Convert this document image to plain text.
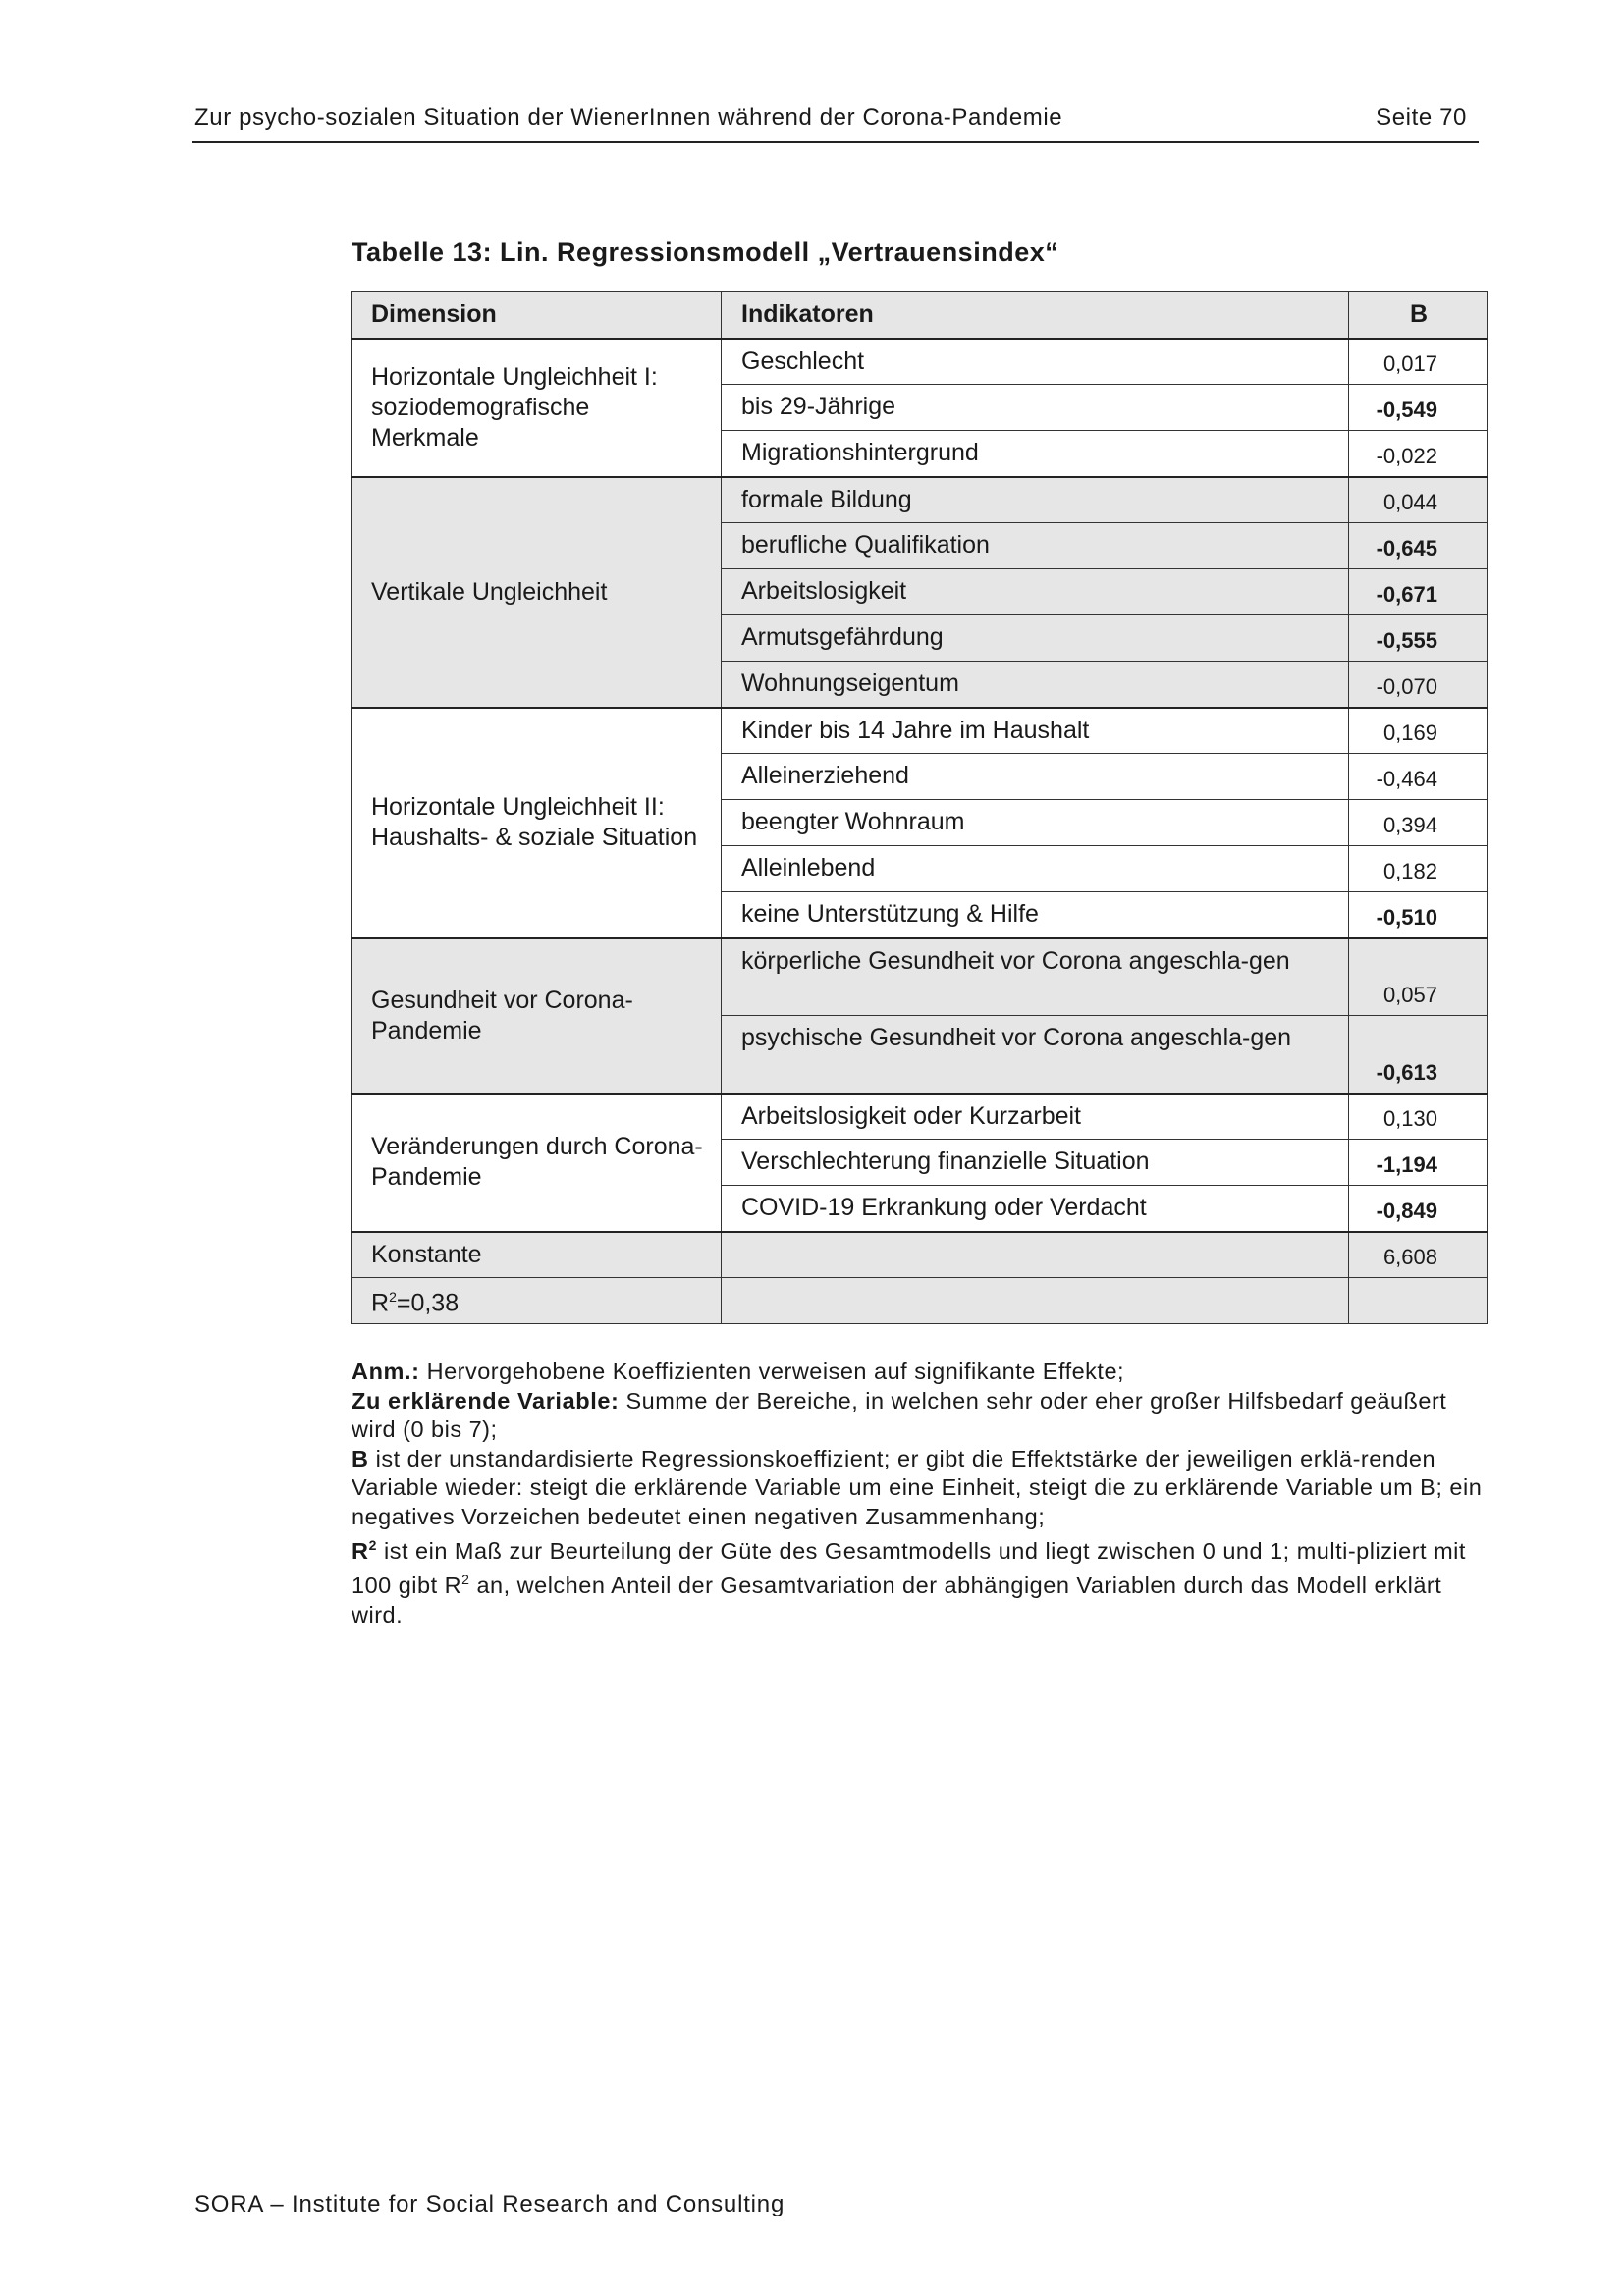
Zur psycho-sozialen Situation der WienerInnen während der Corona-Pandemie	Seite 70
Tabelle 13: Lin. Regressionsmodell „Vertrauensindex“
Dimension	Indikatoren	B
Horizontale Ungleichheit I: soziodemografische Merkmale	Geschlecht	0,017
	bis 29-Jährige	-0,549
	Migrationshintergrund	-0,022
Vertikale Ungleichheit	formale Bildung	0,044
	berufliche Qualifikation	-0,645
	Arbeitslosigkeit	-0,671
	Armutsgefährdung	-0,555
	Wohnungseigentum	-0,070
Horizontale Ungleichheit II: Haushalts- & soziale Situation	Kinder bis 14 Jahre im Haushalt	0,169
	Alleinerziehend	-0,464
	beengter Wohnraum	0,394
	Alleinlebend	0,182
	keine Unterstützung & Hilfe	-0,510
Gesundheit vor Corona-Pandemie	körperliche Gesundheit vor Corona angeschla-gen	0,057
	psychische Gesundheit vor Corona angeschla-gen	-0,613
Veränderungen durch Corona-Pandemie	Arbeitslosigkeit oder Kurzarbeit	0,130
	Verschlechterung finanzielle Situation	-1,194
	COVID-19 Erkrankung oder Verdacht	-0,849
Konstante		6,608
$R^2=0,38$		

Anm.: Hervorgehobene Koeffizienten verweisen auf signifikante Effekte;

Zu erklärende Variable: Summe der Bereiche, in welchen sehr oder eher großer Hilfsbedarf geäußert wird (0 bis 7);

B ist der unstandardisierte Regressionskoeffizient; er gibt die Effektstärke der jeweiligen erklä-renden Variable wieder: steigt die erklärende Variable um eine Einheit, steigt die zu erklärende Variable um B; ein negatives Vorzeichen bedeutet einen negativen Zusammenhang;

$R^2$ ist ein Maß zur Beurteilung der Güte des Gesamtmodells und liegt zwischen 0 und 1; multi-pliziert mit 100 gibt $R^2$ an, welchen Anteil der Gesamtvariation der abhängigen Variablen durch das Modell erklärt wird.

SORA – Institute for Social Research and Consulting
